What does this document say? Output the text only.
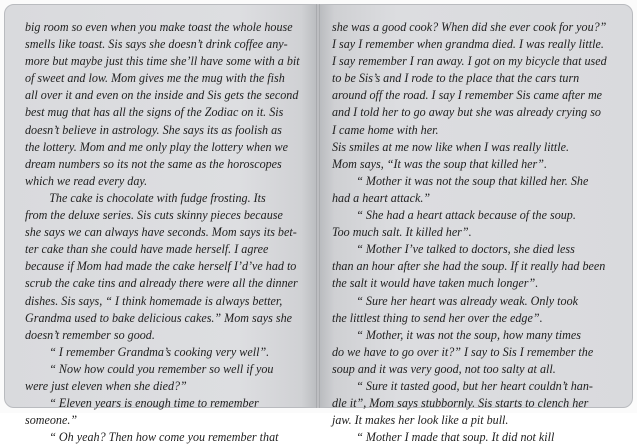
big room so even when you make toast the whole house
smells like toast. Sis says she doesn’t drink coffee any-
more but maybe just this time she’ll have some with a bit
of sweet and low. Mom gives me the mug with the fish
all over it and even on the inside and Sis gets the second
best mug that has all the signs of the Zodiac on it. Sis
doesn’t believe in astrology. She says its as foolish as
the lottery. Mom and me only play the lottery when we
dream numbers so its not the same as the horoscopes
which we read every day.
The cake is chocolate with fudge frosting. Its
from the deluxe series. Sis cuts skinny pieces because
she says we can always have seconds. Mom says its bet-
ter cake than she could have made herself. I agree
because if Mom had made the cake herself I’d’ve had to
scrub the cake tins and already there were all the dinner
dishes. Sis says, “ I think homemade is always better,
Grandma used to bake delicious cakes.” Mom says she
doesn’t remember so good.
“ I remember Grandma’s cooking very well”.
“ Now how could you remember so well if you
were just eleven when she died?”
“ Eleven years is enough time to remember
someone.”
“ Oh yeah? Then how come you remember that
she was a good cook? When did she ever cook for you?”
I say I remember when grandma died. I was really little.
I say remember I ran away. I got on my bicycle that used
to be Sis’s and I rode to the place that the cars turn
around off the road. I say I remember Sis came after me
and I told her to go away but she was already crying so
I came home with her.
Sis smiles at me now like when I was really little.
Mom says, “It was the soup that killed her”.
“ Mother it was not the soup that killed her. She
had a heart attack.”
“ She had a heart attack because of the soup.
Too much salt. It killed her”.
“ Mother I’ve talked to doctors, she died less
than an hour after she had the soup. If it really had been
the salt it would have taken much longer”.
“ Sure her heart was already weak. Only took
the littlest thing to send her over the edge”.
“ Mother, it was not the soup, how many times
do we have to go over it?” I say to Sis I remember the
soup and it was very good, not too salty at all.
“ Sure it tasted good, but her heart couldn’t han-
dle it”, Mom says stubbornly. Sis starts to clench her
jaw. It makes her look like a pit bull.
“ Mother I made that soup. It did not kill
